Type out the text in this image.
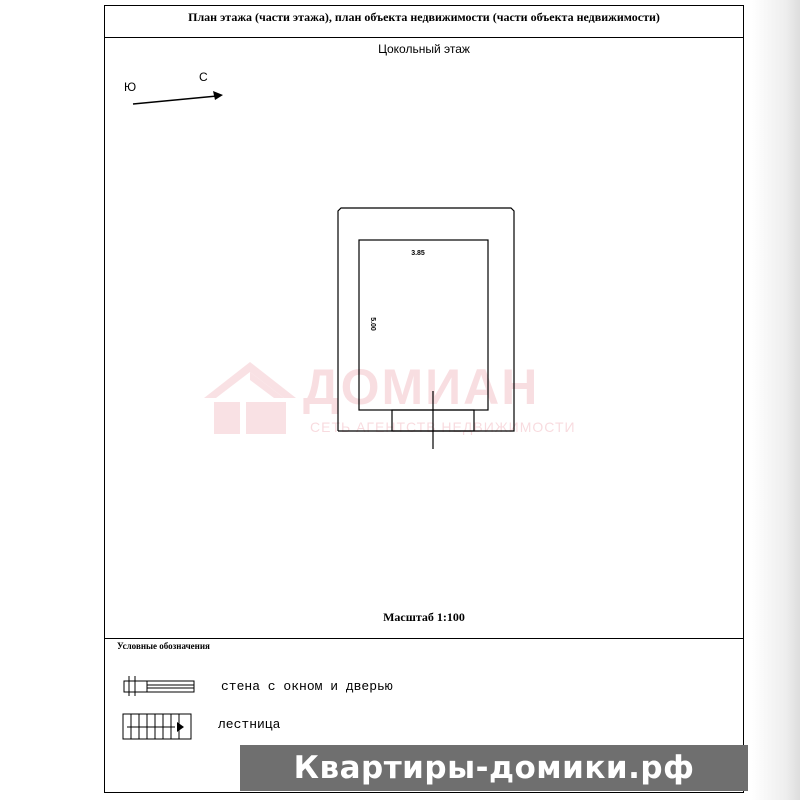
План этажа (части этажа), план объекта недвижимости (части объекта недвижимости)
Цокольный этаж
Ю
С
ДОМИАН
СЕТЬ АГЕНТСТВ НЕДВИЖИМОСТИ
3.85
5.00
Масштаб 1:100
Условные обозначения
стена с окном и дверью
лестница
Квартиры-домики.рф
